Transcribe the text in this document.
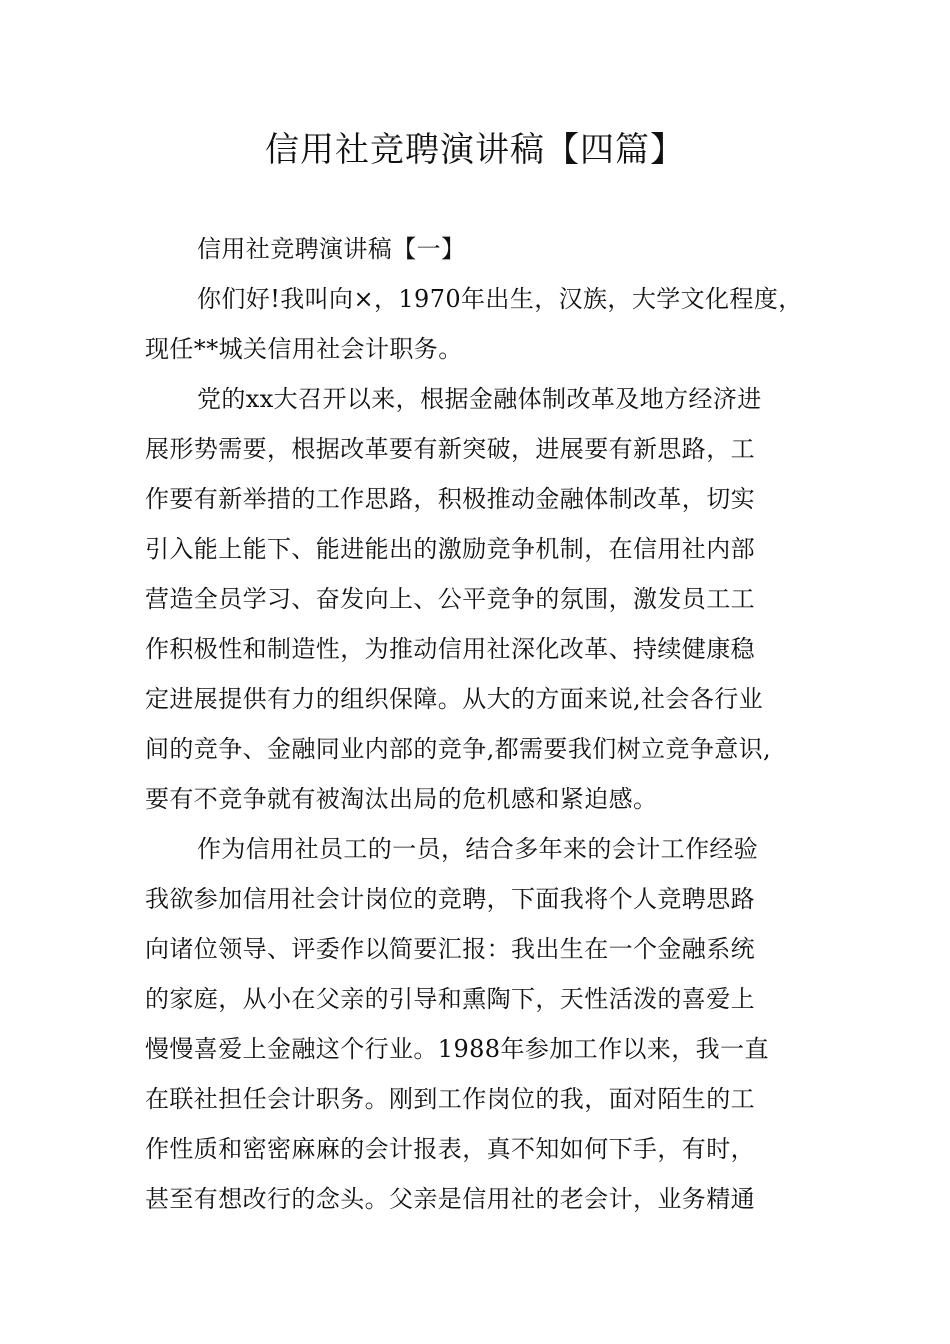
信用社竞聘演讲稿【四篇】

信用社竞聘演讲稿【一】

你们好!我叫向×，1970年出生，汉族，大学文化程度，
现任**城关信用社会计职务。

党的xx大召开以来，根据金融体制改革及地方经济进
展形势需要，根据改革要有新突破，进展要有新思路，工
作要有新举措的工作思路，积极推动金融体制改革，切实
引入能上能下、能进能出的激励竞争机制，在信用社内部
营造全员学习、奋发向上、公平竞争的氛围，激发员工工
作积极性和制造性，为推动信用社深化改革、持续健康稳
定进展提供有力的组织保障。从大的方面来说,社会各行业
间的竞争、金融同业内部的竞争,都需要我们树立竞争意识,
要有不竞争就有被淘汰出局的危机感和紧迫感。

作为信用社员工的一员，结合多年来的会计工作经验
我欲参加信用社会计岗位的竞聘，下面我将个人竞聘思路
向诸位领导、评委作以简要汇报：我出生在一个金融系统
的家庭，从小在父亲的引导和熏陶下，天性活泼的喜爱上
慢慢喜爱上金融这个行业。1988年参加工作以来，我一直
在联社担任会计职务。刚到工作岗位的我，面对陌生的工
作性质和密密麻麻的会计报表，真不知如何下手，有时，
甚至有想改行的念头。父亲是信用社的老会计，业务精通
